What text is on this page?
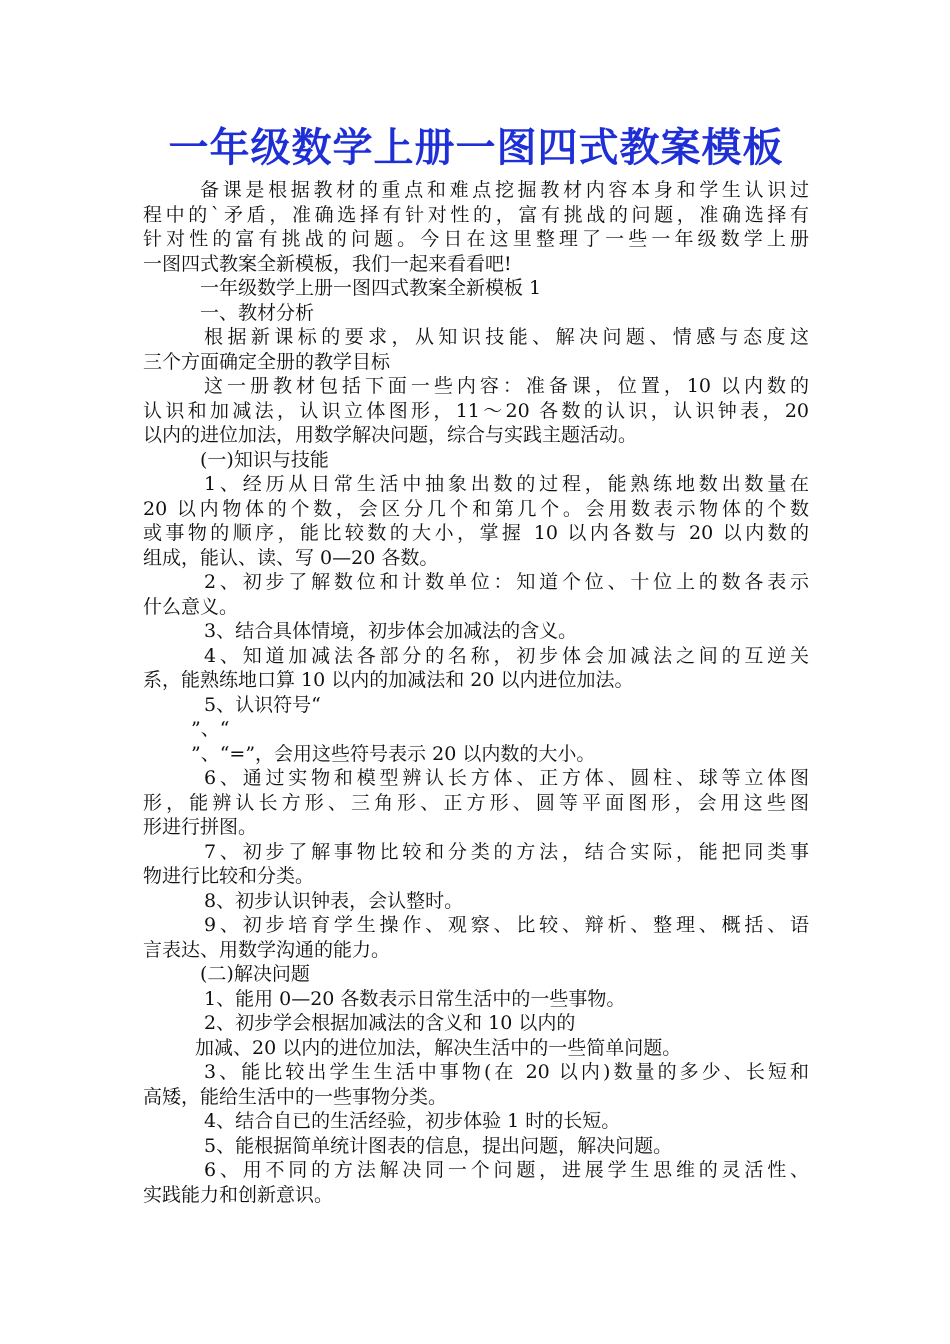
一年级数学上册一图四式教案模板
备课是根据教材的重点和难点挖掘教材内容本身和学生认识过
程中的`矛盾，准确选择有针对性的，富有挑战的问题，准确选择有
针对性的富有挑战的问题。今日在这里整理了一些一年级数学上册
一图四式教案全新模板，我们一起来看看吧!
一年级数学上册一图四式教案全新模板 1
一、教材分析
根据新课标的要求，从知识技能、解决问题、情感与态度这
三个方面确定全册的教学目标
这一册教材包括下面一些内容：准备课，位置，10 以内数的
认识和加减法，认识立体图形，11～20 各数的认识，认识钟表，20
以内的进位加法，用数学解决问题，综合与实践主题活动。
(一)知识与技能
1、经历从日常生活中抽象出数的过程，能熟练地数出数量在
20 以内物体的个数，会区分几个和第几个。会用数表示物体的个数
或事物的顺序，能比较数的大小，掌握 10 以内各数与 20 以内数的
组成，能认、读、写 0—20 各数。
2、初步了解数位和计数单位：知道个位、十位上的数各表示
什么意义。
3、结合具体情境，初步体会加减法的含义。
4、知道加减法各部分的名称，初步体会加减法之间的互逆关
系，能熟练地口算 10 以内的加减法和 20 以内进位加法。
5、认识符号“
”、“
”、“=”，会用这些符号表示 20 以内数的大小。
6、通过实物和模型辨认长方体、正方体、圆柱、球等立体图
形，能辨认长方形、三角形、正方形、圆等平面图形，会用这些图
形进行拼图。
7、初步了解事物比较和分类的方法，结合实际，能把同类事
物进行比较和分类。
8、初步认识钟表，会认整时。
9、初步培育学生操作、观察、比较、辩析、整理、概括、语
言表达、用数学沟通的能力。
(二)解决问题
1、能用 0—20 各数表示日常生活中的一些事物。
2、初步学会根据加减法的含义和 10 以内的
加减、20 以内的进位加法，解决生活中的一些简单问题。
3、能比较出学生生活中事物(在 20 以内)数量的多少、长短和
高矮，能给生活中的一些事物分类。
4、结合自已的生活经验，初步体验 1 时的长短。
5、能根据简单统计图表的信息，提出问题，解决问题。
6、用不同的方法解决同一个问题，进展学生思维的灵活性、
实践能力和创新意识。
